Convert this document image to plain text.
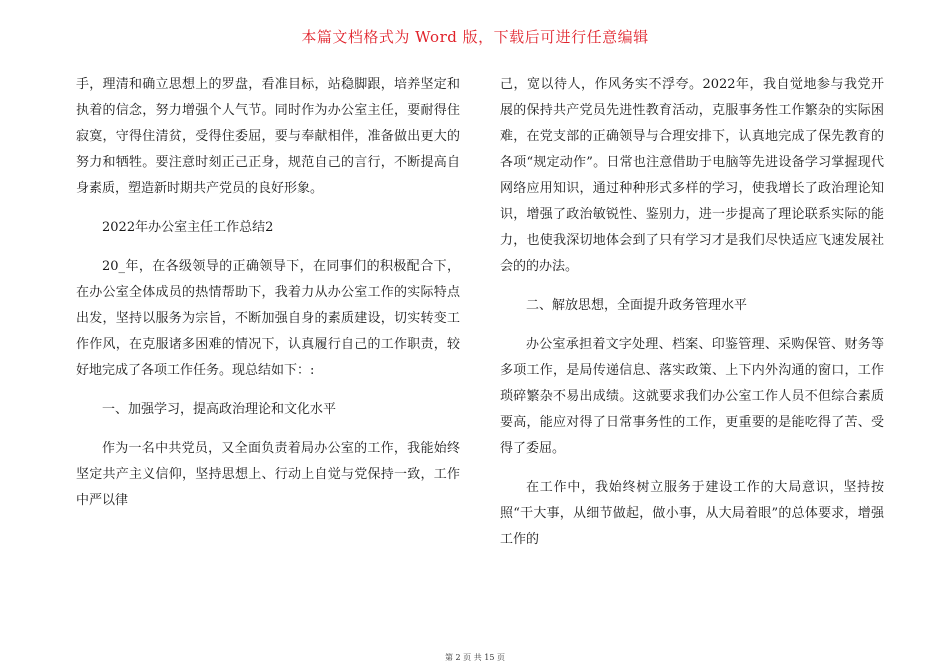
本篇文档格式为 Word 版，下载后可进行任意编辑

手，理清和确立思想上的罗盘，看准目标，站稳脚跟，培养坚定和执着的信念，努力增强个人气节。同时作为办公室主任，要耐得住寂寞，守得住清贫，受得住委屈，要与奉献相伴，准备做出更大的努力和牺牲。要注意时刻正己正身，规范自己的言行，不断提高自身素质，塑造新时期共产党员的良好形象。

2022年办公室主任工作总结2

20_年，在各级领导的正确领导下，在同事们的积极配合下，在办公室全体成员的热情帮助下，我着力从办公室工作的实际特点出发，坚持以服务为宗旨，不断加强自身的素质建设，切实转变工作作风，在克服诸多困难的情况下，认真履行自己的工作职责，较好地完成了各项工作任务。现总结如下：:

一、加强学习，提高政治理论和文化水平

作为一名中共党员，又全面负责着局办公室的工作，我能始终坚定共产主义信仰，坚持思想上、行动上自觉与党保持一致，工作中严以律

己，宽以待人，作风务实不浮夸。2022年，我自觉地参与我党开展的保持共产党员先进性教育活动，克服事务性工作繁杂的实际困难，在党支部的正确领导与合理安排下，认真地完成了保先教育的各项“规定动作”。日常也注意借助于电脑等先进设备学习掌握现代网络应用知识，通过种种形式多样的学习，使我增长了政治理论知识，增强了政治敏锐性、鉴别力，进一步提高了理论联系实际的能力，也使我深切地体会到了只有学习才是我们尽快适应飞速发展社会的的办法。

二、解放思想，全面提升政务管理水平

办公室承担着文字处理、档案、印鉴管理、采购保管、财务等多项工作，是局传递信息、落实政策、上下内外沟通的窗口，工作琐碎繁杂不易出成绩。这就要求我们办公室工作人员不但综合素质要高，能应对得了日常事务性的工作，更重要的是能吃得了苦、受得了委屈。

在工作中，我始终树立服务于建设工作的大局意识，坚持按照“干大事，从细节做起，做小事，从大局着眼”的总体要求，增强工作的

第 2 页 共 15 页
